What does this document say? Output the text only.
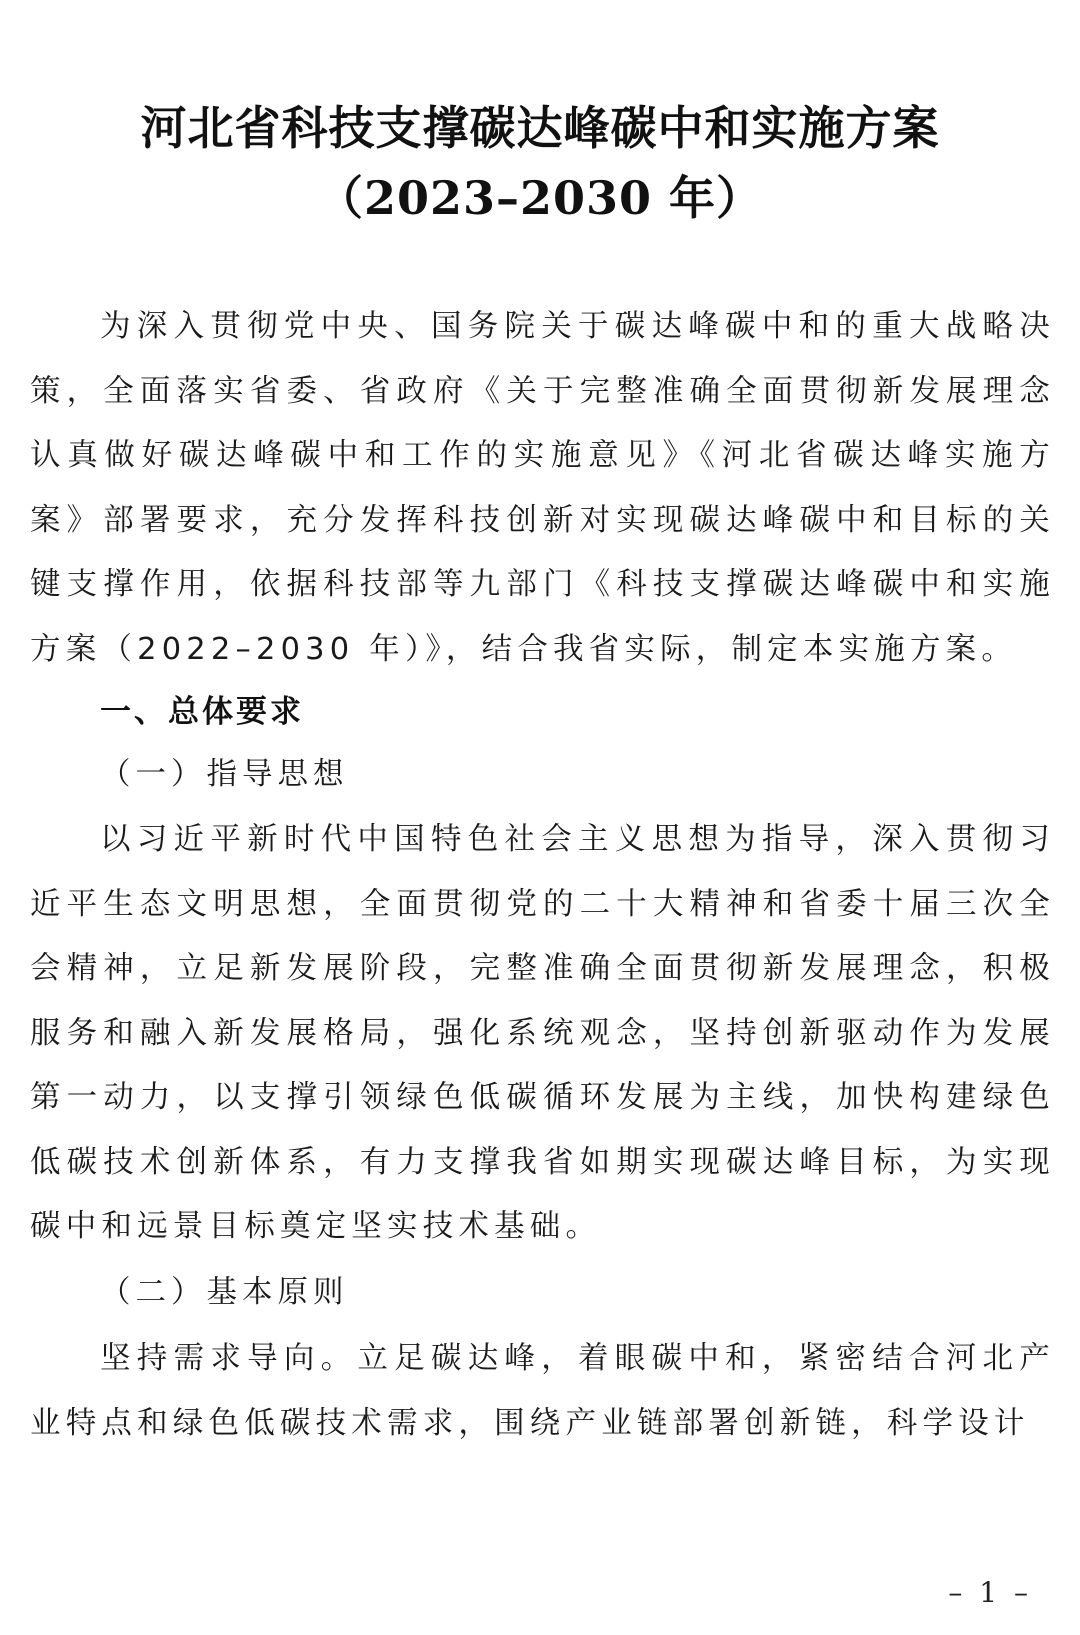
河北省科技支撑碳达峰碳中和实施方案
（2023–2030 年）
为深入贯彻党中央、国务院关于碳达峰碳中和的重大战略决策，全面落实省委、省政府《关于完整准确全面贯彻新发展理念认真做好碳达峰碳中和工作的实施意见》《河北省碳达峰实施方案》部署要求，充分发挥科技创新对实现碳达峰碳中和目标的关键支撑作用，依据科技部等九部门《科技支撑碳达峰碳中和实施方案（2022–2030 年）》，结合我省实际，制定本实施方案。
一、总体要求
（一）指导思想
以习近平新时代中国特色社会主义思想为指导，深入贯彻习近平生态文明思想，全面贯彻党的二十大精神和省委十届三次全会精神，立足新发展阶段，完整准确全面贯彻新发展理念，积极服务和融入新发展格局，强化系统观念，坚持创新驱动作为发展第一动力，以支撑引领绿色低碳循环发展为主线，加快构建绿色低碳技术创新体系，有力支撑我省如期实现碳达峰目标，为实现碳中和远景目标奠定坚实技术基础。
（二）基本原则
坚持需求导向。立足碳达峰，着眼碳中和，紧密结合河北产业特点和绿色低碳技术需求，围绕产业链部署创新链，科学设计
– 1 –
